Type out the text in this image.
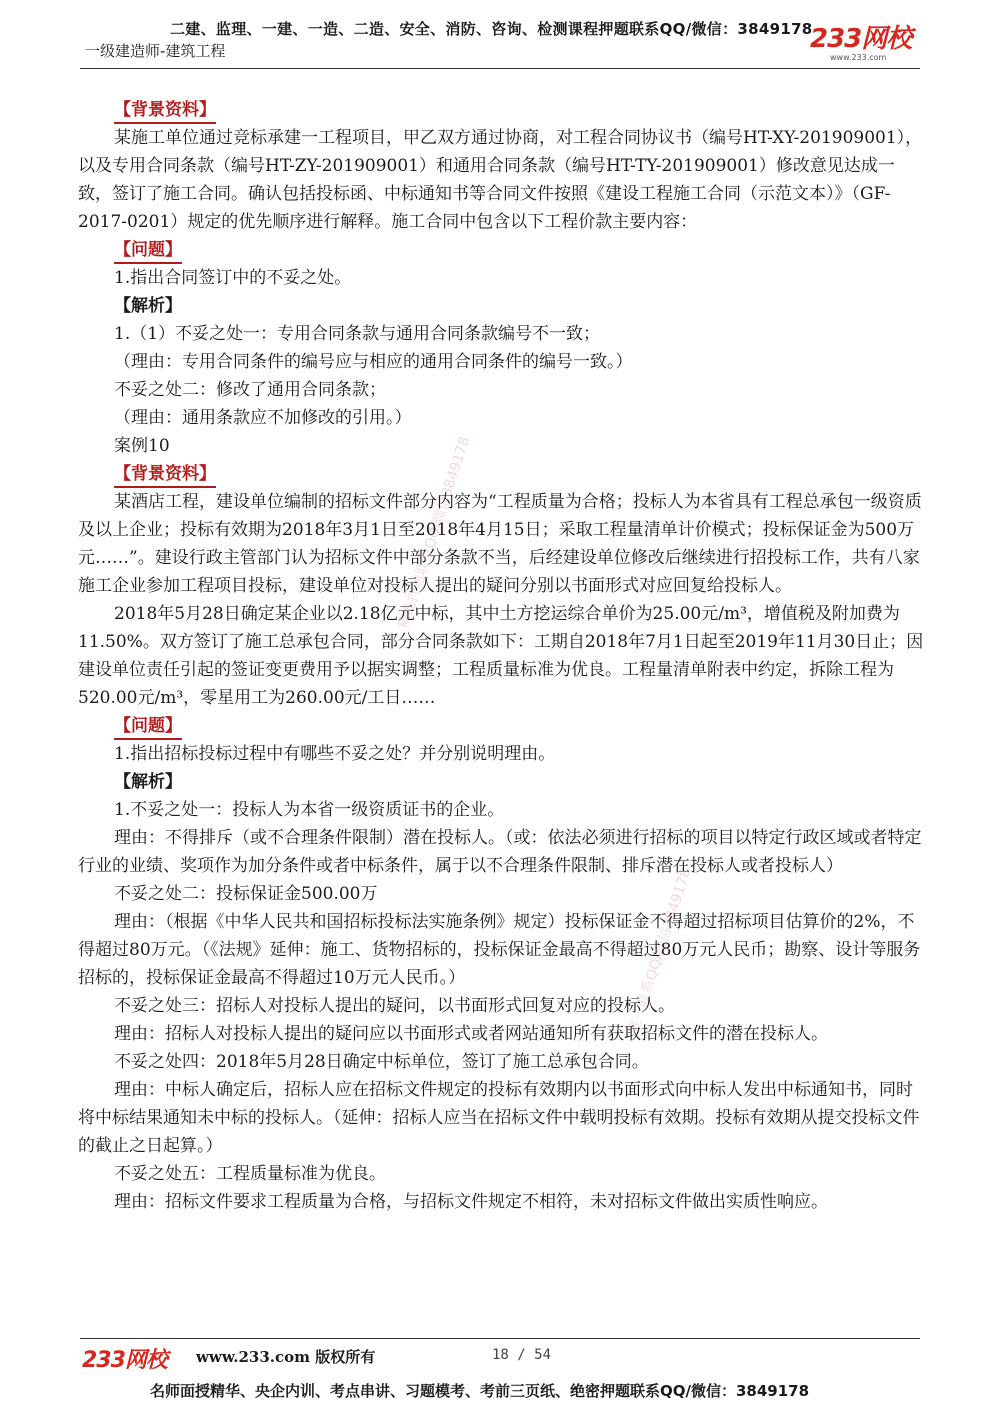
二建、监理、一建、一造、二造、安全、消防、咨询、检测课程押题联系QQ/微信：3849178
一级建造师-建筑工程	233网校
www.233.com
精准押题联系QQ/微信3849178
唯一联系QQ/微信3849178

【背景资料】

某施工单位通过竞标承建一工程项目，甲乙双方通过协商，对工程合同协议书（编号HT-XY-201909001），以及专用合同条款（编号HT-ZY-201909001）和通用合同条款（编号HT-TY-201909001）修改意见达成一致，签订了施工合同。确认包括投标函、中标通知书等合同文件按照《建设工程施工合同（示范文本）》（GF-2017-0201）规定的优先顺序进行解释。施工合同中包含以下工程价款主要内容：

【问题】

1.指出合同签订中的不妥之处。

【解析】

1.（1）不妥之处一：专用合同条款与通用合同条款编号不一致；

（理由：专用合同条件的编号应与相应的通用合同条件的编号一致。）

不妥之处二：修改了通用合同条款；

（理由：通用条款应不加修改的引用。）

案例10

【背景资料】

某酒店工程，建设单位编制的招标文件部分内容为“工程质量为合格；投标人为本省具有工程总承包一级资质及以上企业；投标有效期为2018年3月1日至2018年4月15日；采取工程量清单计价模式；投标保证金为500万元……”。建设行政主管部门认为招标文件中部分条款不当，后经建设单位修改后继续进行招投标工作，共有八家施工企业参加工程项目投标，建设单位对投标人提出的疑问分别以书面形式对应回复给投标人。

2018年5月28日确定某企业以2.18亿元中标，其中土方挖运综合单价为25.00元/m³，增值税及附加费为11.50%。双方签订了施工总承包合同，部分合同条款如下：工期自2018年7月1日起至2019年11月30日止；因建设单位责任引起的签证变更费用予以据实调整；工程质量标准为优良。工程量清单附表中约定，拆除工程为520.00元/m³，零星用工为260.00元/工日……

【问题】

1.指出招标投标过程中有哪些不妥之处？并分别说明理由。

【解析】

1.不妥之处一：投标人为本省一级资质证书的企业。

理由：不得排斥（或不合理条件限制）潜在投标人。（或：依法必须进行招标的项目以特定行政区域或者特定行业的业绩、奖项作为加分条件或者中标条件，属于以不合理条件限制、排斥潜在投标人或者投标人）

不妥之处二：投标保证金500.00万

理由：（根据《中华人民共和国招标投标法实施条例》规定）投标保证金不得超过招标项目估算价的2%，不得超过80万元。（《法规》延伸：施工、货物招标的，投标保证金最高不得超过80万元人民币；勘察、设计等服务招标的，投标保证金最高不得超过10万元人民币。）

不妥之处三：招标人对投标人提出的疑问，以书面形式回复对应的投标人。

理由：招标人对投标人提出的疑问应以书面形式或者网站通知所有获取招标文件的潜在投标人。

不妥之处四：2018年5月28日确定中标单位，签订了施工总承包合同。

理由：中标人确定后，招标人应在招标文件规定的投标有效期内以书面形式向中标人发出中标通知书，同时将中标结果通知未中标的投标人。（延伸：招标人应当在招标文件中载明投标有效期。投标有效期从提交投标文件的截止之日起算。）

不妥之处五：工程质量标准为优良。

理由：招标文件要求工程质量为合格，与招标文件规定不相符，未对招标文件做出实质性响应。

233网校 www.233.com 版权所有	18 / 54
名师面授精华、央企内训、考点串讲、习题模考、考前三页纸、绝密押题联系QQ/微信：3849178
